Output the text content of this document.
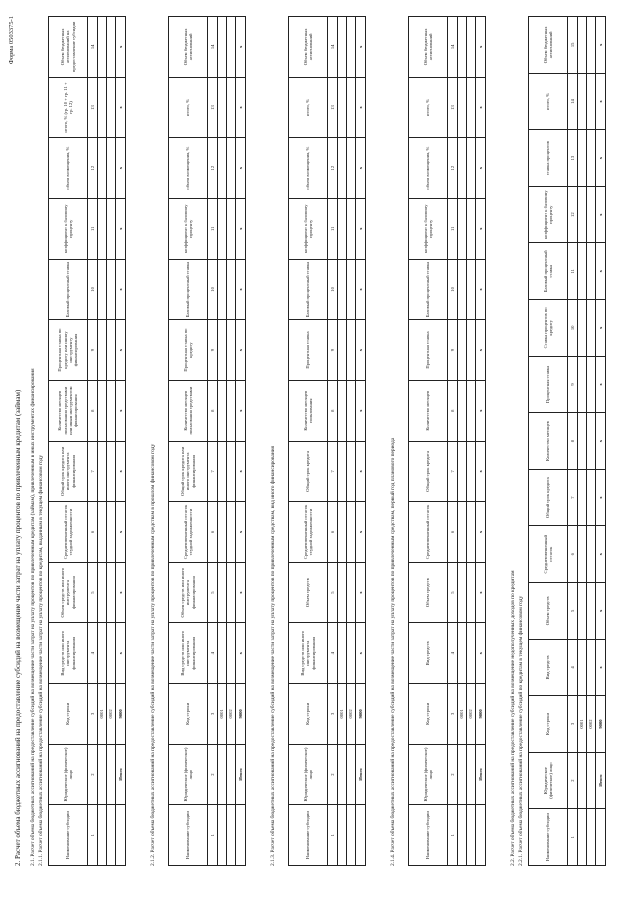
Форма 0503375-1
2. Расчет объема бюджетных ассигнований на предоставление субсидий на возмещение части затрат на уплату процентов по привлеченным кредитам (займам) 2.1. Расчет объема бюджетных ассигнований на предоставление субсидий на возмещение части затрат на уплату процентов по привлеченным кредитам (займам), привлеченным в иных инструментах финансирования 2.1.1. Расчет объема бюджетных ассигнований на предоставление субсидий на возмещение части затрат на уплату процентов по кредитам, выданным в текущем финансовом году	Наименование субсидии	Юридическое (физическое) лицо	Код строки	Вид средств или иного инструмента финансирования	Объем средств или иного инструмента финансирования	Средневзвешенный остаток ссудной задолженности	Общий срок кредита или иного инструмента финансирования	Количество месяцев пользования средствами или иным инструментом финансирования	Процентная ставка по кредиту или иному инструменту финансирования	Базовый процентный ставка	коэффициент к базовому проценту	объем возмещения, %	итого, % (гр. 10 + гр. 11 + гр. 12)	Объем бюджетных ассигнований на предоставление субсидии
1	2	3	4	5	6	7	8	9	10	11	12	13	14
		0001											
		0002											
	Итого	9000	x	x	x	x	x	x	x	x	x	x	x
2.1.2. Расчет объема бюджетных ассигнований на предоставление субсидий на возмещение части затрат на уплату процентов по привлеченным средствам в прошлом финансовом году	Наименование субсидии	Юридическое (физическое) лицо	Код строки	Вид средств или иного инструмента финансирования	Объем средств или иного инструмента финансирования	Средневзвешенный остаток ссудной задолженности	Общий срок кредита или иного инструмента финансирования	Количество месяцев пользования средствами	Процентная ставка по кредиту	Базовый процентный ставка	коэффициент к базовому проценту	объем возмещения, %	итого, %	Объем бюджетных ассигнований
1	2	3	4	5	6	7	8	9	10	11	12	13	14
		0001											
		0002											
	Итого	9000	x	x	x	x	x	x	x	x	x	x	x
2.1.3. Расчет объема бюджетных ассигнований на предоставление субсидий на возмещение части затрат на уплату процентов по привлеченным средствам, вид иного финансирования	Наименование субсидии	Юридическое (физическое) лицо	Код строки	Вид средств или иного инструмента финансирования	Объем средств	Средневзвешенный остаток ссудной задолженности	Общий срок кредита	Количество месяцев пользования	Процентная ставка	Базовый процентный ставка	коэффициент к базовому проценту	объем возмещения, %	итого, %	Объем бюджетных ассигнований
1	2	3	4	5	6	7	8	9	10	11	12	13	14
		0001											
		0002											
	Итого	9000	x	x	x	x	x	x	x	x	x	x	x
2.1.4. Расчет объема бюджетных ассигнований на предоставление субсидий на возмещение части затрат на уплату процентов по привлеченным средствам, первый год планового периода	Наименование субсидии	Юридическое (физическое) лицо	Код строки	Вид средств	Объем средств	Средневзвешенный остаток	Общий срок кредита	Количество месяцев	Процентная ставка	Базовый процентный ставка	коэффициент к базовому проценту	объем возмещения, %	итого, %	Объем бюджетных ассигнований
1	2	3	4	5	6	7	8	9	10	11	12	13	14
		0001											
		0002											
	Итого	9000	x	x	x	x	x	x	x	x	x	x	x
2.2. Расчет объема бюджетных ассигнований на предоставление субсидий на возмещение недополученных доходов по кредитам 2.2.1. Расчет объема бюджетных ассигнований на предоставление субсидий по кредитам в текущем финансовом году	Наименование субсидии	Юридическое (физическое) лицо	Код строки	Вид средств	Объем средств	Средневзвешенный остаток	Общий срок кредита	Количество месяцев	Процентная ставка	Ставка процентов по кредиту	Базовый процентный ставка	коэффициент к базовому проценту	ставка процентов	итого, %	Объем бюджетных ассигнований
1	2	3	4	5	6	7	8	9	10	11	12	13	14	15
		0001												
		0002												
	Итого	9000	x	x	x	x	x	x	x	x	x	x	x	x
